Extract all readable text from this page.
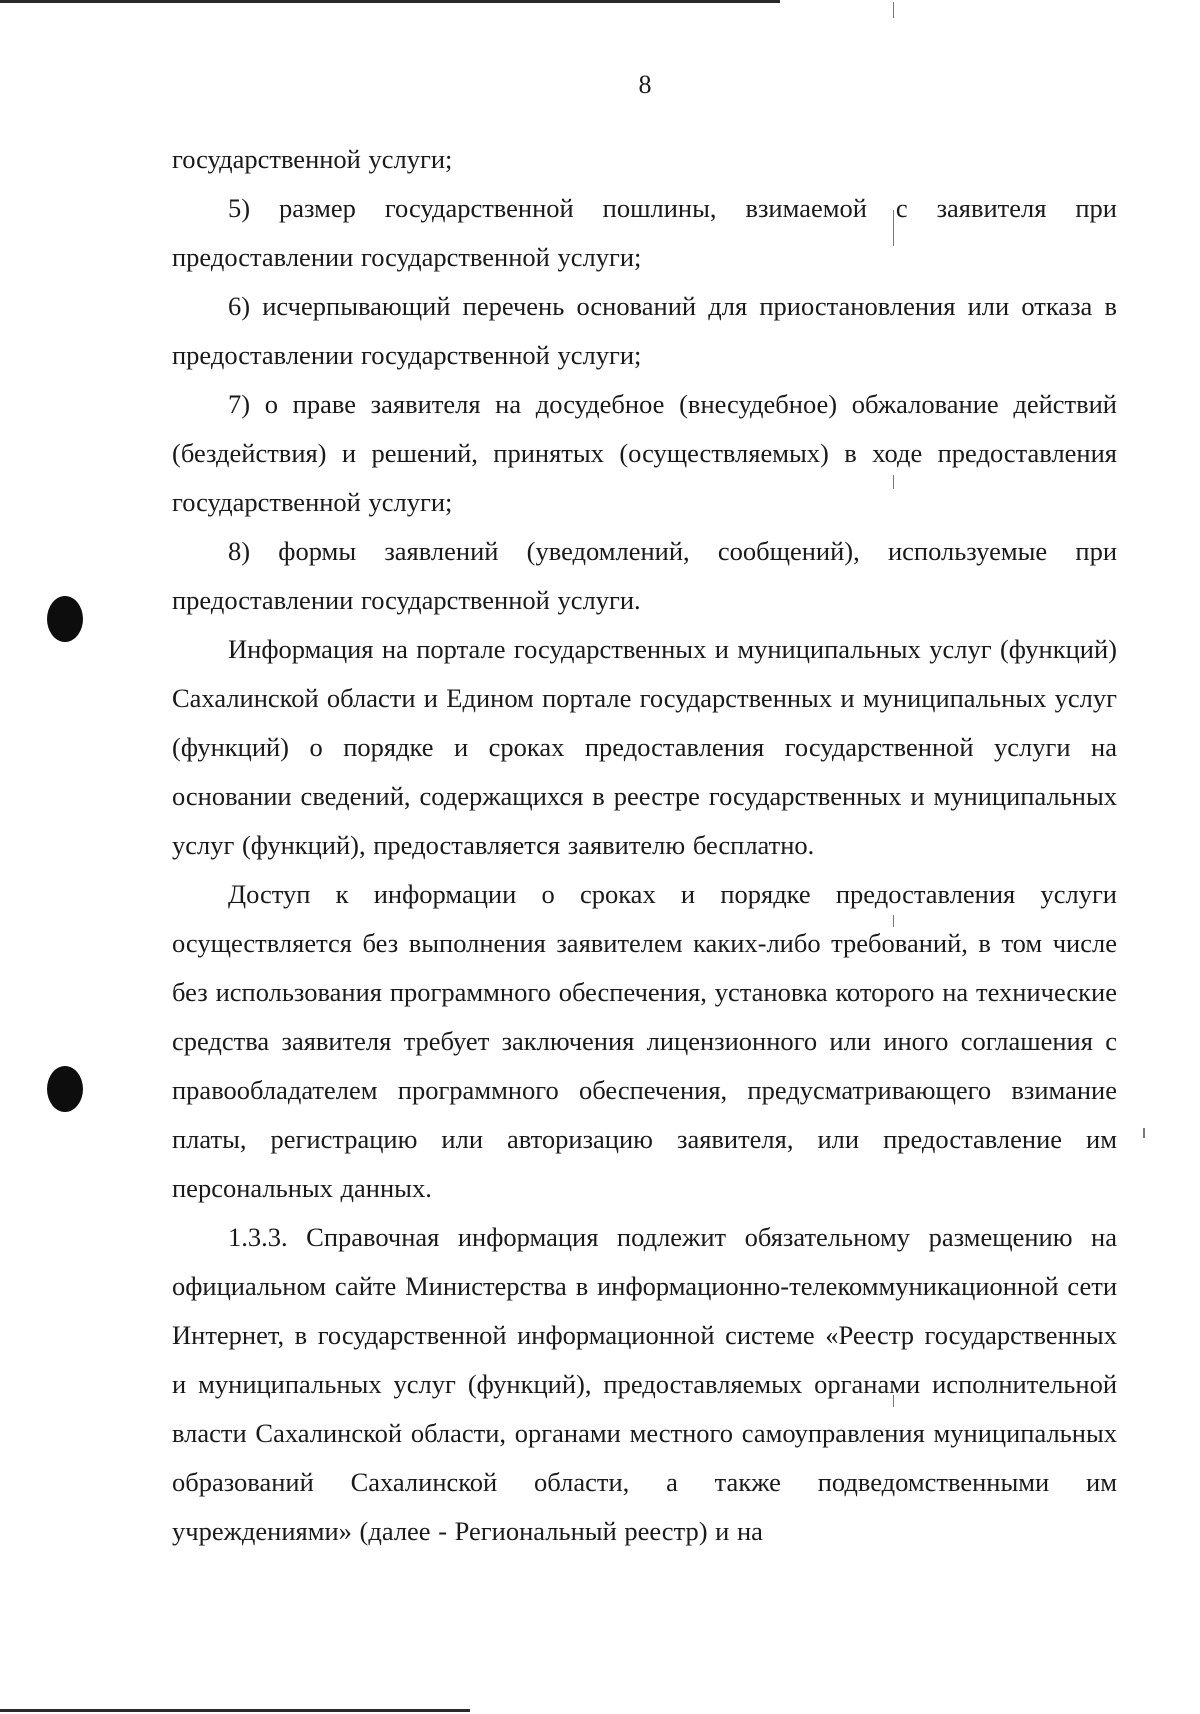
8

государственной услуги;

5) размер государственной пошлины, взимаемой с заявителя при предоставлении государственной услуги;

6) исчерпывающий перечень оснований для приостановления или отказа в предоставлении государственной услуги;

7) о праве заявителя на досудебное (внесудебное) обжалование действий (бездействия) и решений, принятых (осуществляемых) в ходе предоставления государственной услуги;

8) формы заявлений (уведомлений, сообщений), используемые при предоставлении государственной услуги.

Информация на портале государственных и муниципальных услуг (функций) Сахалинской области и Едином портале государственных и муниципальных услуг (функций) о порядке и сроках предоставления государственной услуги на основании сведений, содержащихся в реестре государственных и муниципальных услуг (функций), предоставляется заявителю бесплатно.

Доступ к информации о сроках и порядке предоставления услуги осуществляется без выполнения заявителем каких-либо требований, в том числе без использования программного обеспечения, установка которого на технические средства заявителя требует заключения лицензионного или иного соглашения с правообладателем программного обеспечения, предусматривающего взимание платы, регистрацию или авторизацию заявителя, или предоставление им персональных данных.

1.3.3. Справочная информация подлежит обязательному размещению на официальном сайте Министерства в информационно-телекоммуникационной сети Интернет, в государственной информационной системе «Реестр государственных и муниципальных услуг (функций), предоставляемых органами исполнительной власти Сахалинской области, органами местного самоуправления муниципальных образований Сахалинской области, а также подведомственными им учреждениями» (далее - Региональный реестр) и на
